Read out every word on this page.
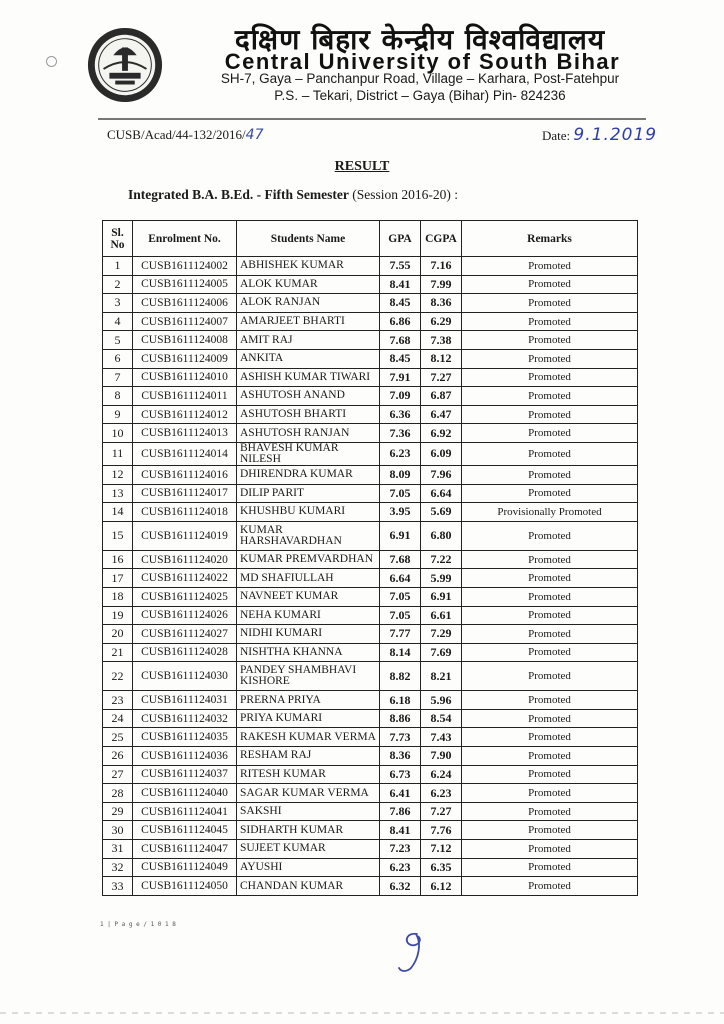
दक्षिण बिहार केन्द्रीय विश्वविद्यालय
Central University of South Bihar
SH-7, Gaya – Panchanpur Road, Village – Karhara, Post-Fatehpur
P.S. – Tekari, District – Gaya (Bihar) Pin- 824236
CUSB/Acad/44-132/2016/47	Date: 9.1.2019
RESULT
Integrated B.A. B.Ed. - Fifth Semester (Session 2016-20) :
Sl. No	Enrolment No.	Students Name	GPA	CGPA	Remarks
1	CUSB1611124002	ABHISHEK KUMAR	7.55	7.16	Promoted
2	CUSB1611124005	ALOK KUMAR	8.41	7.99	Promoted
3	CUSB1611124006	ALOK RANJAN	8.45	8.36	Promoted
4	CUSB1611124007	AMARJEET BHARTI	6.86	6.29	Promoted
5	CUSB1611124008	AMIT RAJ	7.68	7.38	Promoted
6	CUSB1611124009	ANKITA	8.45	8.12	Promoted
7	CUSB1611124010	ASHISH KUMAR TIWARI	7.91	7.27	Promoted
8	CUSB1611124011	ASHUTOSH ANAND	7.09	6.87	Promoted
9	CUSB1611124012	ASHUTOSH BHARTI	6.36	6.47	Promoted
10	CUSB1611124013	ASHUTOSH RANJAN	7.36	6.92	Promoted
11	CUSB1611124014	BHAVESH KUMAR NILESH	6.23	6.09	Promoted
12	CUSB1611124016	DHIRENDRA KUMAR	8.09	7.96	Promoted
13	CUSB1611124017	DILIP PARIT	7.05	6.64	Promoted
14	CUSB1611124018	KHUSHBU KUMARI	3.95	5.69	Provisionally Promoted
15	CUSB1611124019	KUMAR HARSHAVARDHAN	6.91	6.80	Promoted
16	CUSB1611124020	KUMAR PREMVARDHAN	7.68	7.22	Promoted
17	CUSB1611124022	MD SHAFIULLAH	6.64	5.99	Promoted
18	CUSB1611124025	NAVNEET KUMAR	7.05	6.91	Promoted
19	CUSB1611124026	NEHA KUMARI	7.05	6.61	Promoted
20	CUSB1611124027	NIDHI KUMARI	7.77	7.29	Promoted
21	CUSB1611124028	NISHTHA KHANNA	8.14	7.69	Promoted
22	CUSB1611124030	PANDEY SHAMBHAVI KISHORE	8.82	8.21	Promoted
23	CUSB1611124031	PRERNA PRIYA	6.18	5.96	Promoted
24	CUSB1611124032	PRIYA KUMARI	8.86	8.54	Promoted
25	CUSB1611124035	RAKESH KUMAR VERMA	7.73	7.43	Promoted
26	CUSB1611124036	RESHAM RAJ	8.36	7.90	Promoted
27	CUSB1611124037	RITESH KUMAR	6.73	6.24	Promoted
28	CUSB1611124040	SAGAR KUMAR VERMA	6.41	6.23	Promoted
29	CUSB1611124041	SAKSHI	7.86	7.27	Promoted
30	CUSB1611124045	SIDHARTH KUMAR	8.41	7.76	Promoted
31	CUSB1611124047	SUJEET KUMAR	7.23	7.12	Promoted
32	CUSB1611124049	AYUSHI	6.23	6.35	Promoted
33	CUSB1611124050	CHANDAN KUMAR	6.32	6.12	Promoted
1 | P a g e / 1 0 1 8
